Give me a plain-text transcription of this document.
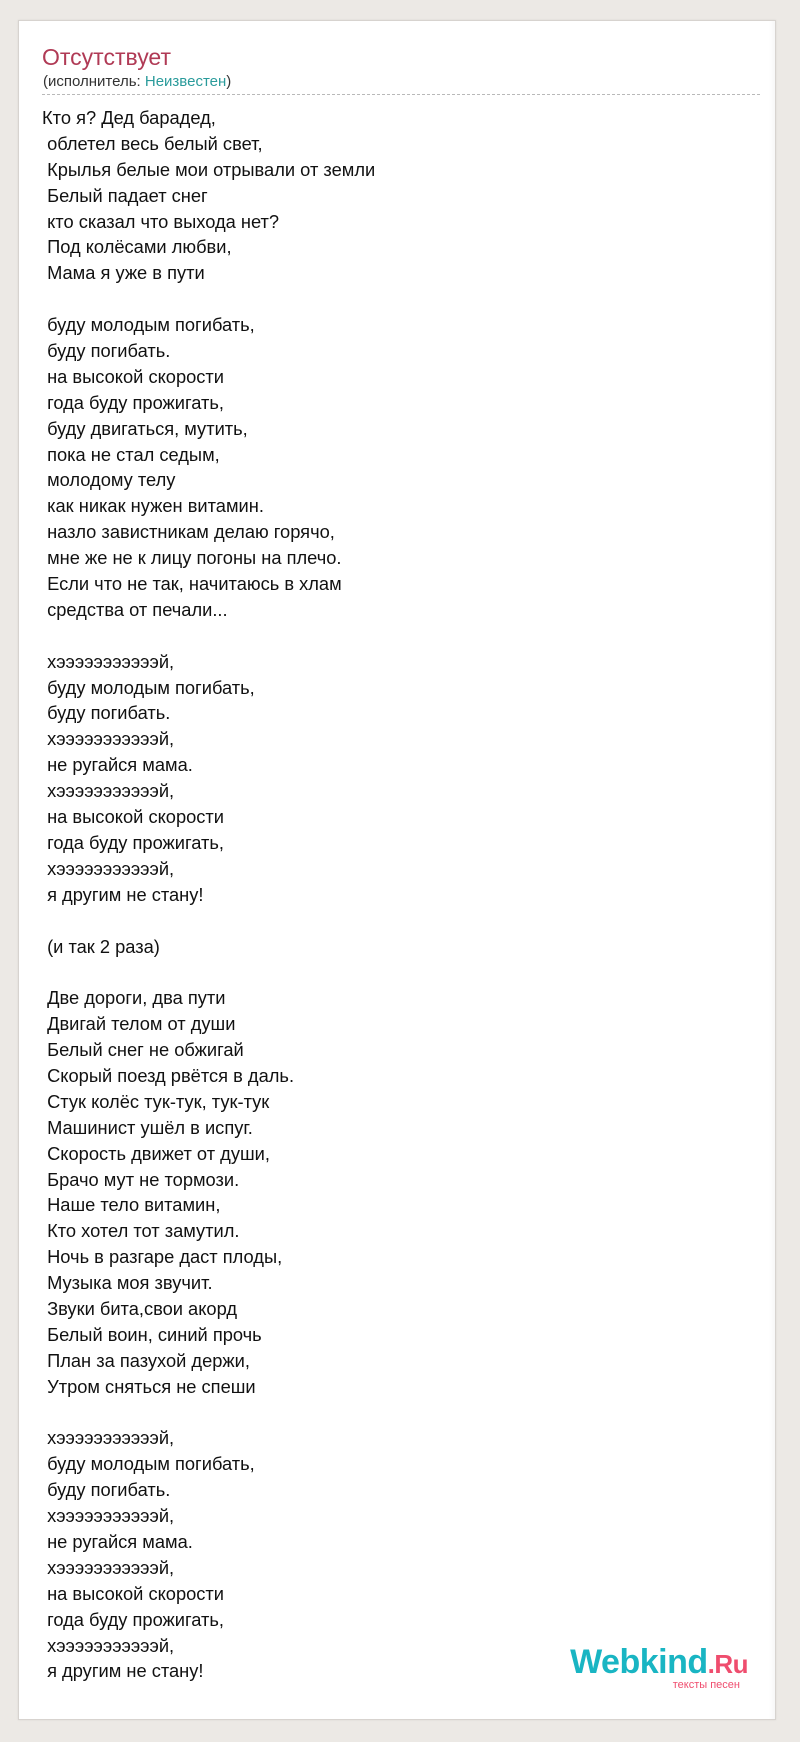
Отсутствует
(исполнитель: Неизвестен)
Кто я? Дед барадед,
облетел весь белый свет,
Крылья белые мои отрывали от земли
Белый падает снег
кто сказал что выхода нет?
Под колёсами любви,
Мама я уже в пути
буду молодым погибать,
буду погибать.
на высокой скорости
года буду прожигать,
буду двигаться, мутить,
пока не стал седым,
молодому телу
как никак нужен витамин.
назло завистникам делаю горячо,
мне же не к лицу погоны на плечо.
Если что не так, начитаюсь в хлам
средства от печали...
хэээээээээээй,
буду молодым погибать,
буду погибать.
хэээээээээээй,
не ругайся мама.
хэээээээээээй,
на высокой скорости
года буду прожигать,
хэээээээээээй,
я другим не стану!
(и так 2 раза)
Две дороги, два пути
Двигай телом от души
Белый снег не обжигай
Скорый поезд рвётся в даль.
Стук колёс тук-тук, тук-тук
Машинист ушёл в испуг.
Скорость движет от души,
Брачо мут не тормози.
Наше тело витамин,
Кто хотел тот замутил.
Ночь в разгаре даст плоды,
Музыка моя звучит.
Звуки бита,свои акорд
Белый воин, синий прочь
План за пазухой держи,
Утром сняться не спеши
хэээээээээээй,
буду молодым погибать,
буду погибать.
хэээээээээээй,
не ругайся мама.
хэээээээээээй,
на высокой скорости
года буду прожигать,
хэээээээээээй,
я другим не стану!	Webkind.Ru
тексты песен
